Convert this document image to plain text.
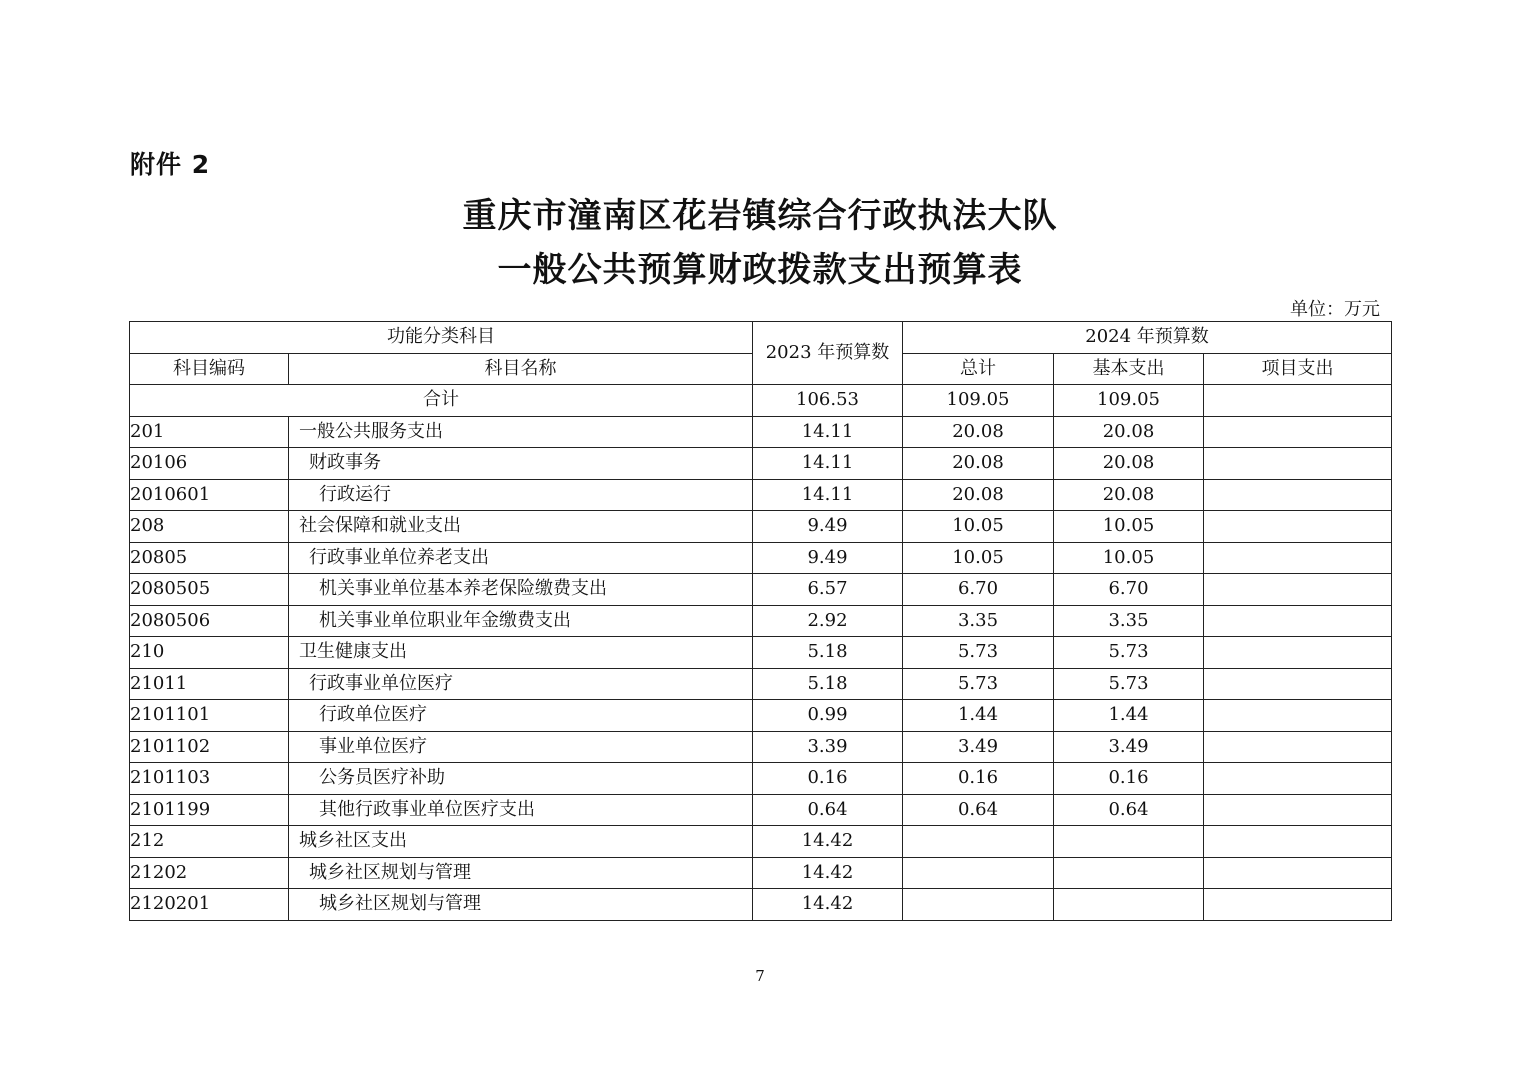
附件 2
重庆市潼南区花岩镇综合行政执法大队
一般公共预算财政拨款支出预算表
单位：万元
功能分类科目		2023 年预算数	2024 年预算数		
科目编码	科目名称		总计	基本支出	项目支出
合计		106.53	109.05	109.05	
201	一般公共服务支出	14.11	20.08	20.08	
20106	财政事务	14.11	20.08	20.08	
2010601	行政运行	14.11	20.08	20.08	
208	社会保障和就业支出	9.49	10.05	10.05	
20805	行政事业单位养老支出	9.49	10.05	10.05	
2080505	机关事业单位基本养老保险缴费支出	6.57	6.70	6.70	
2080506	机关事业单位职业年金缴费支出	2.92	3.35	3.35	
210	卫生健康支出	5.18	5.73	5.73	
21011	行政事业单位医疗	5.18	5.73	5.73	
2101101	行政单位医疗	0.99	1.44	1.44	
2101102	事业单位医疗	3.39	3.49	3.49	
2101103	公务员医疗补助	0.16	0.16	0.16	
2101199	其他行政事业单位医疗支出	0.64	0.64	0.64	
212	城乡社区支出	14.42			
21202	城乡社区规划与管理	14.42			
2120201	城乡社区规划与管理	14.42			
7
